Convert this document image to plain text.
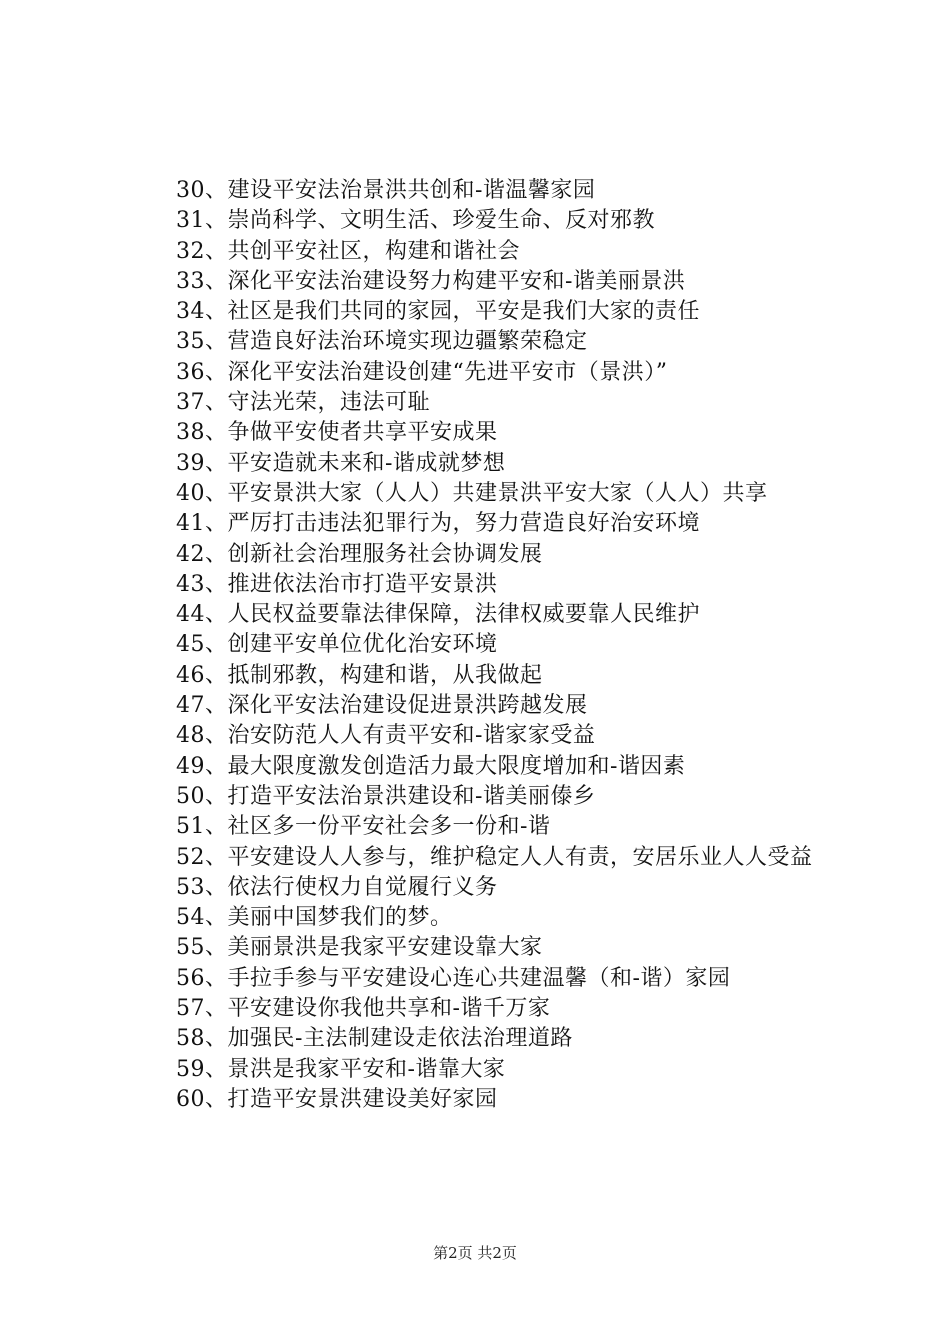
30、建设平安法治景洪共创和-谐温馨家园
31、崇尚科学、文明生活、珍爱生命、反对邪教
32、共创平安社区，构建和谐社会
33、深化平安法治建设努力构建平安和-谐美丽景洪
34、社区是我们共同的家园，平安是我们大家的责任
35、营造良好法治环境实现边疆繁荣稳定
36、深化平安法治建设创建“先进平安市（景洪）”
37、守法光荣，违法可耻
38、争做平安使者共享平安成果
39、平安造就未来和-谐成就梦想
40、平安景洪大家（人人）共建景洪平安大家（人人）共享
41、严厉打击违法犯罪行为，努力营造良好治安环境
42、创新社会治理服务社会协调发展
43、推进依法治市打造平安景洪
44、人民权益要靠法律保障，法律权威要靠人民维护
45、创建平安单位优化治安环境
46、抵制邪教，构建和谐，从我做起
47、深化平安法治建设促进景洪跨越发展
48、治安防范人人有责平安和-谐家家受益
49、最大限度激发创造活力最大限度增加和-谐因素
50、打造平安法治景洪建设和-谐美丽傣乡
51、社区多一份平安社会多一份和-谐
52、平安建设人人参与，维护稳定人人有责，安居乐业人人受益
53、依法行使权力自觉履行义务
54、美丽中国梦我们的梦。
55、美丽景洪是我家平安建设靠大家
56、手拉手参与平安建设心连心共建温馨（和-谐）家园
57、平安建设你我他共享和-谐千万家
58、加强民-主法制建设走依法治理道路
59、景洪是我家平安和-谐靠大家
60、打造平安景洪建设美好家园
第2页 共2页
